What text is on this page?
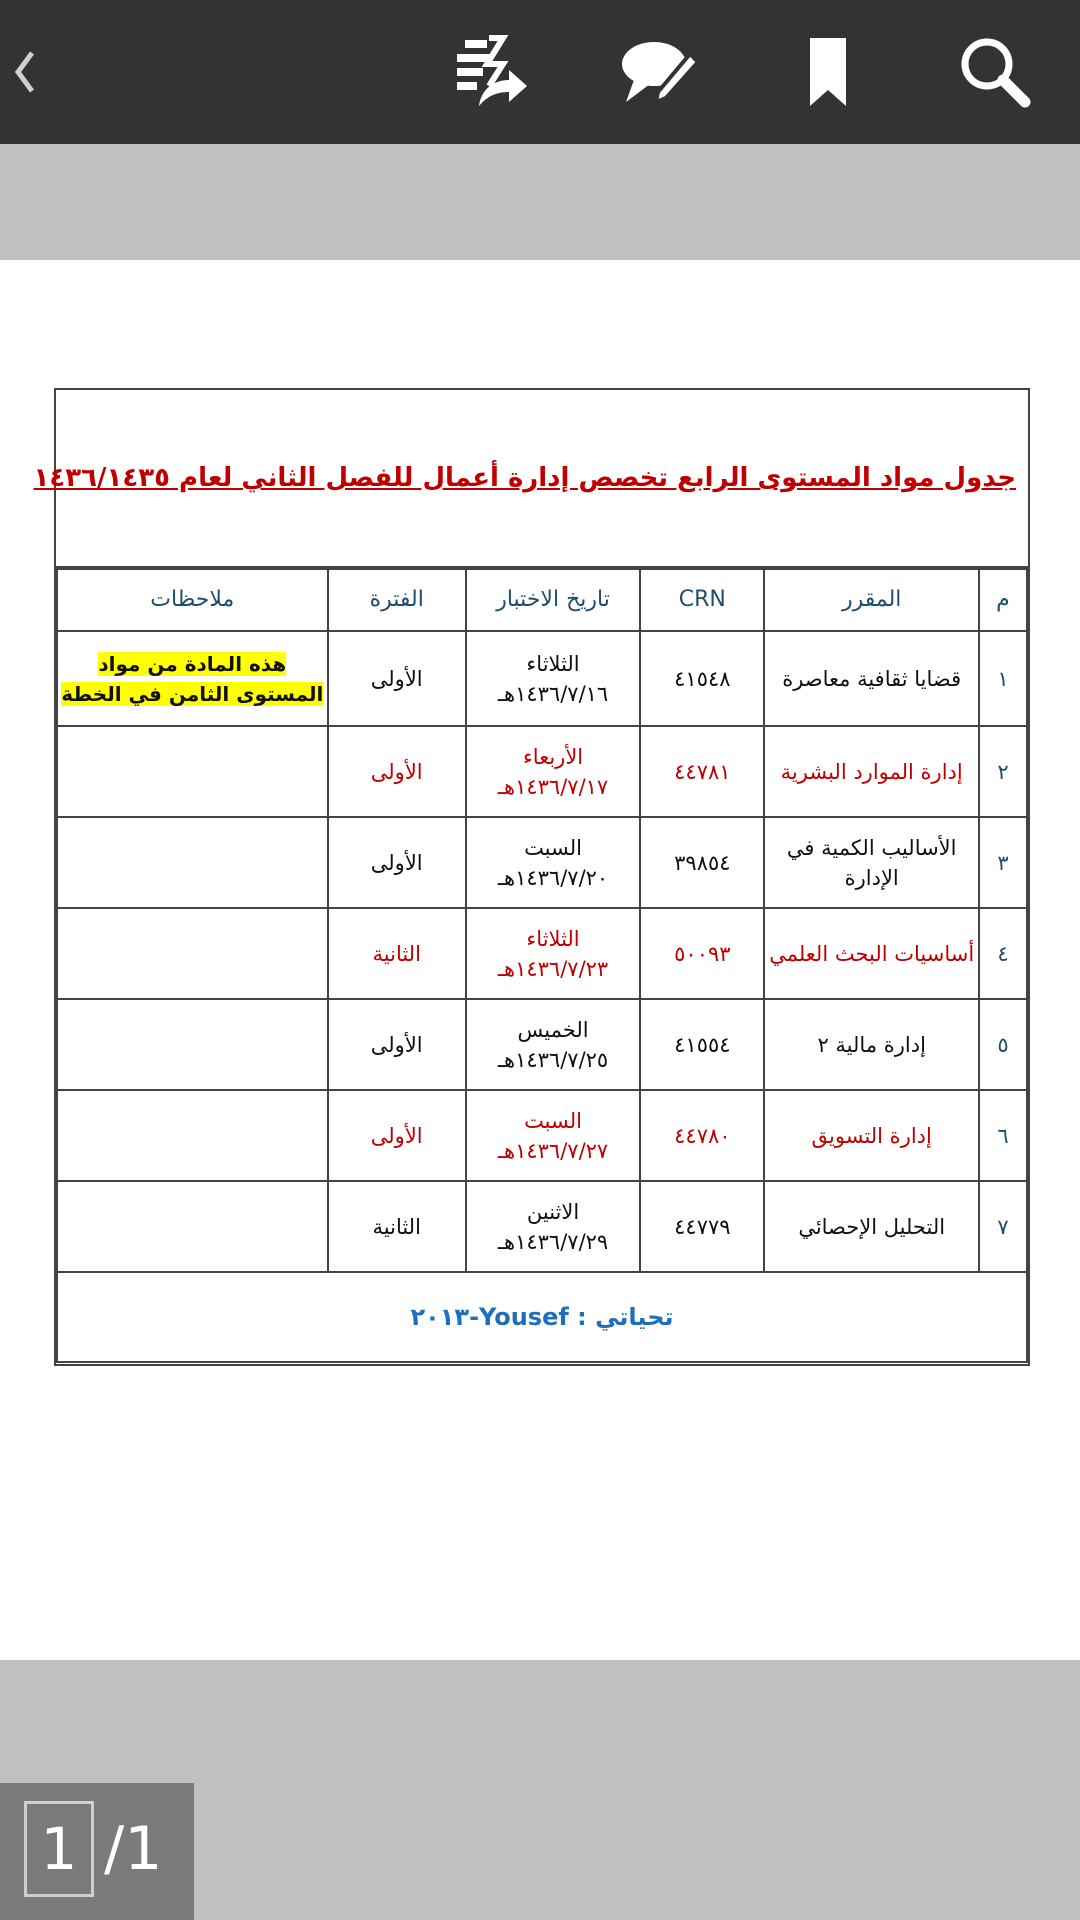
جدول مواد المستوى الرابع تخصص إدارة أعمال للفصل الثاني لعام ١٤٣٦/١٤٣٥
م	المقرر	CRN	تاريخ الاختبار	الفترة	ملاحظات
١	قضايا ثقافية معاصرة	٤١٥٤٨	الثلاثاء
١٤٣٦/٧/١٦هـ	الأولى	هذه المادة من مواد المستوى الثامن في الخطة
٢	إدارة الموارد البشرية	٤٤٧٨١	الأربعاء
١٤٣٦/٧/١٧هـ	الأولى	
٣	الأساليب الكمية في الإدارة	٣٩٨٥٤	السبت
١٤٣٦/٧/٢٠هـ	الأولى	
٤	أساسيات البحث العلمي	٥٠٠٩٣	الثلاثاء
١٤٣٦/٧/٢٣هـ	الثانية	
٥	إدارة مالية ٢	٤١٥٥٤	الخميس
١٤٣٦/٧/٢٥هـ	الأولى	
٦	إدارة التسويق	٤٤٧٨٠	السبت
١٤٣٦/٧/٢٧هـ	الأولى	
٧	التحليل الإحصائي	٤٤٧٧٩	الاثنين
١٤٣٦/٧/٢٩هـ	الثانية	
تحياتي : Yousef-٢٠١٣					
1 /1
